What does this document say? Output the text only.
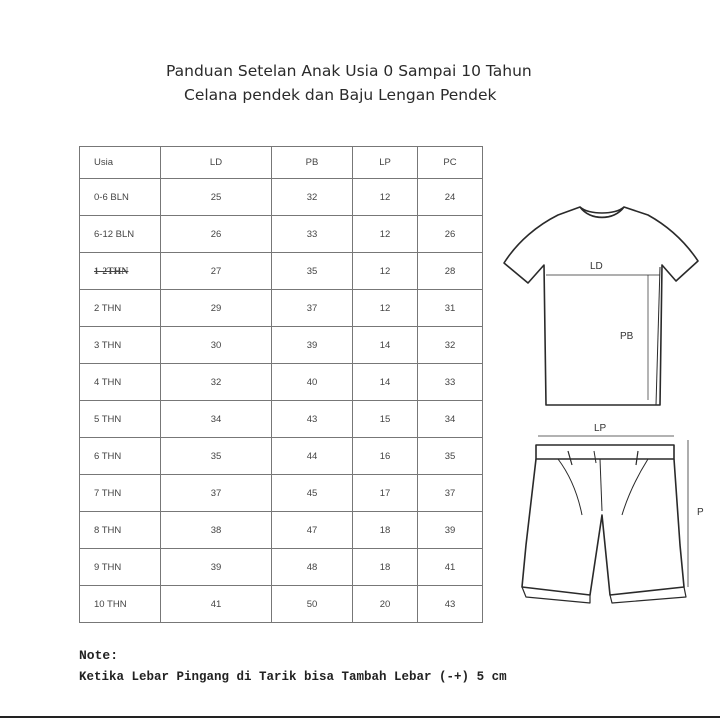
Panduan Setelan Anak Usia 0 Sampai 10 Tahun
Celana pendek dan Baju Lengan Pendek
Usia	LD	PB	LP	PC

0-6 BLN	25	32	12	24

6-12 BLN	26	33	12	26

1-2THN	27	35	12	28

2 THN	29	37	12	31

3 THN	30	39	14	32

4 THN	32	40	14	33

5 THN	34	43	15	34

6 THN	35	44	16	35

7 THN	37	45	17	37

8 THN	38	47	18	39

9 THN	39	48	18	41

10 THN	41	50	20	43
LD
PB
LP
P
Note:
Ketika Lebar Pingang di Tarik bisa Tambah Lebar (-+) 5 cm
